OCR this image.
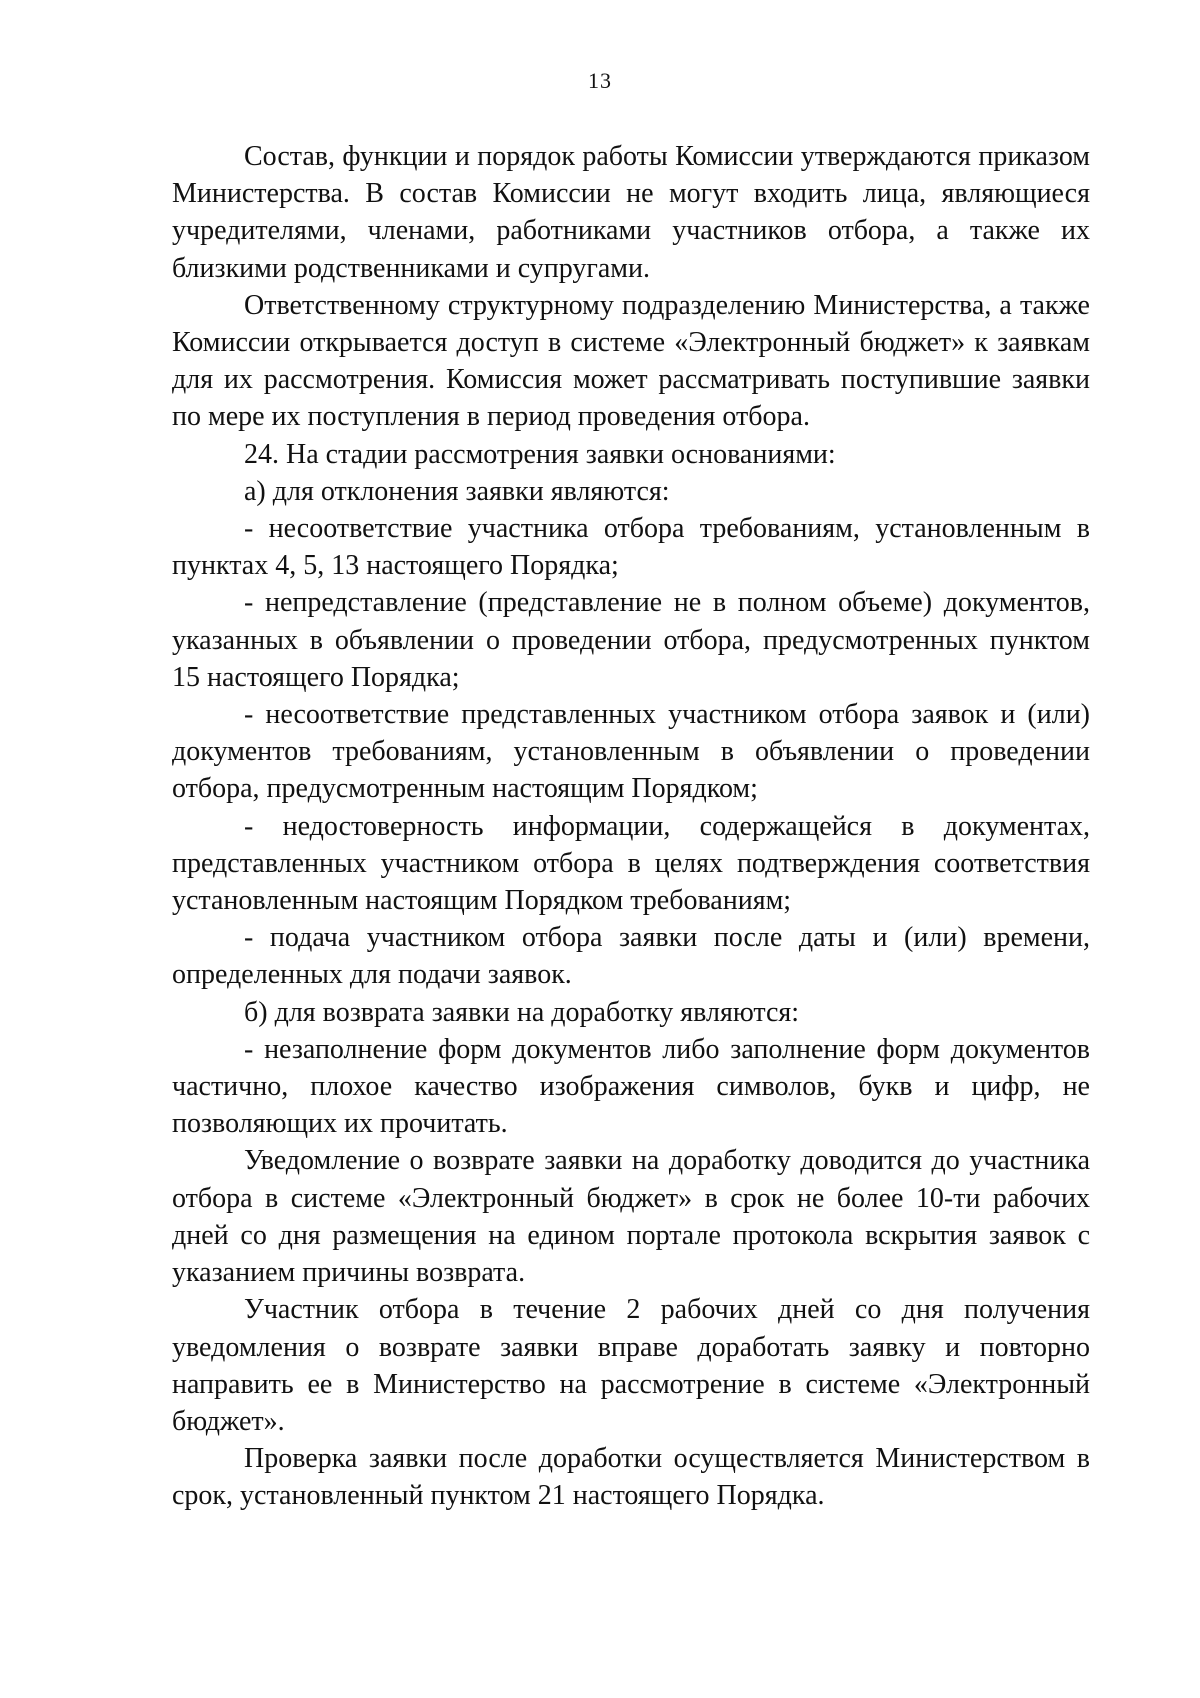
13

Состав, функции и порядок работы Комиссии утверждаются приказом Министерства. В состав Комиссии не могут входить лица, являющиеся учредителями, членами, работниками участников отбора, а также их близкими родственниками и супругами.

Ответственному структурному подразделению Министерства, а также Комиссии открывается доступ в системе «Электронный бюджет» к заявкам для их рассмотрения. Комиссия может рассматривать поступившие заявки по мере их поступления в период проведения отбора.

24. На стадии рассмотрения заявки основаниями:

а) для отклонения заявки являются:

- несоответствие участника отбора требованиям, установленным в пунктах 4, 5, 13 настоящего Порядка;

- непредставление (представление не в полном объеме) документов, указанных в объявлении о проведении отбора, предусмотренных пунктом 15 настоящего Порядка;

- несоответствие представленных участником отбора заявок и (или) документов требованиям, установленным в объявлении о проведении отбора, предусмотренным настоящим Порядком;

- недостоверность информации, содержащейся в документах, представленных участником отбора в целях подтверждения соответствия установленным настоящим Порядком требованиям;

- подача участником отбора заявки после даты и (или) времени, определенных для подачи заявок.

б) для возврата заявки на доработку являются:

- незаполнение форм документов либо заполнение форм документов частично, плохое качество изображения символов, букв и цифр, не позволяющих их прочитать.

Уведомление о возврате заявки на доработку доводится до участника отбора в системе «Электронный бюджет» в срок не более 10-ти рабочих дней со дня размещения на едином портале протокола вскрытия заявок с указанием причины возврата.

Участник отбора в течение 2 рабочих дней со дня получения уведомления о возврате заявки вправе доработать заявку и повторно направить ее в Министерство на рассмотрение в системе «Электронный бюджет».

Проверка заявки после доработки осуществляется Министерством в срок, установленный пунктом 21 настоящего Порядка.
